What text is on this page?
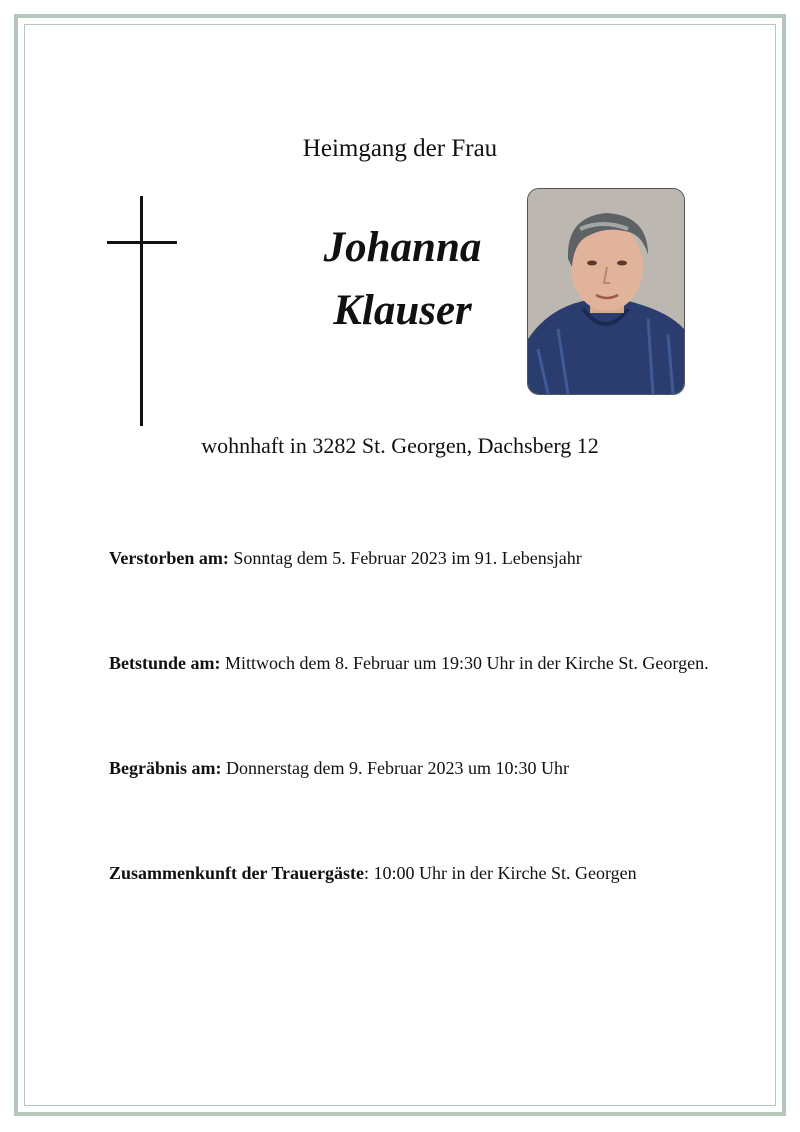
Heimgang der Frau
Johanna
Klauser
wohnhaft in 3282 St. Georgen, Dachsberg 12
Verstorben am: Sonntag dem 5. Februar 2023 im 91. Lebensjahr
Betstunde am: Mittwoch dem 8. Februar um 19:30 Uhr in der Kirche St. Georgen.
Begräbnis am: Donnerstag dem 9. Februar 2023 um 10:30 Uhr
Zusammenkunft der Trauergäste: 10:00 Uhr in der Kirche St. Georgen
